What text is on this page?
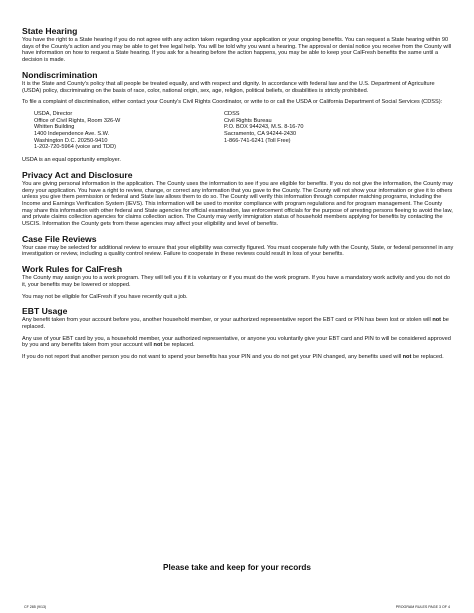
State Hearing

You have the right to a State hearing if you do not agree with any action taken regarding your application or your ongoing benefits. You can request a State hearing within 90 days of the County's action and you may be able to get free legal help. You will be told why you want a hearing. The approval or denial notice you receive from the County will have information on how to request a State hearing. If you ask for a hearing before the action happens, you may be able to keep your CalFresh benefits the same until a decision is made.

Nondiscrimination

It is the State and County's policy that all people be treated equally, and with respect and dignity. In accordance with federal law and the U.S. Department of Agriculture (USDA) policy, discriminating on the basis of race, color, national origin, sex, age, religion, political beliefs, or disabilities is strictly prohibited.

To file a complaint of discrimination, either contact your County's Civil Rights Coordinator, or write to or call the USDA or California Department of Social Services (CDSS):

USDA, Director
Office of Civil Rights, Room 326-W
Whitten Building
1400 Independence Ave. S.W.
Washington D.C. 20250-9410
1-202-720-5964 (voice and TDD)
CDSS
Civil Rights Bureau
P.O. BOX 944243, M.S. 8-16-70
Sacramento, CA 94244-2430
1-866-741-6241 (Toll Free)

USDA is an equal opportunity employer.

Privacy Act and Disclosure

You are giving personal information in the application. The County uses the information to see if you are eligible for benefits. If you do not give the information, the County may deny your application. You have a right to review, change, or correct any information that you gave to the County. The County will not show your information or give it to others unless you give them permission or federal and State law allows them to do so. The County will verify this information through computer matching programs, including the Income and Earnings Verification System (IEVS). This information will be used to monitor compliance with program regulations and for program management. The County may share this information with other federal and State agencies for official examination, law enforcement officials for the purpose of arresting persons fleeing to avoid the law, and private claims collection agencies for claims collection action. The County may verify immigration status of household members applying for benefits by contacting the USCIS. Information the County gets from these agencies may affect your eligibility and level of benefits.

Case File Reviews

Your case may be selected for additional review to ensure that your eligibility was correctly figured. You must cooperate fully with the County, State, or federal personnel in any investigation or review, including a quality control review. Failure to cooperate in these reviews could result in loss of your benefits.

Work Rules for CalFresh

The County may assign you to a work program. They will tell you if it is voluntary or if you must do the work program. If you have a mandatory work activity and you do not do it, your benefits may be lowered or stopped.

You may not be eligible for CalFresh if you have recently quit a job.

EBT Usage

Any benefit taken from your account before you, another household member, or your authorized representative report the EBT card or PIN has been lost or stolen will not be replaced.

Any use of your EBT card by you, a household member, your authorized representative, or anyone you voluntarily give your EBT card and PIN to will be considered approved by you and any benefits taken from your account will not be replaced.

If you do not report that another person you do not want to spend your benefits has your PIN and you do not get your PIN changed, any benefits used will not be replaced.

Please take and keep for your records
CF 285 (9/13)	PROGRAM RULES PAGE 3 OF 4
